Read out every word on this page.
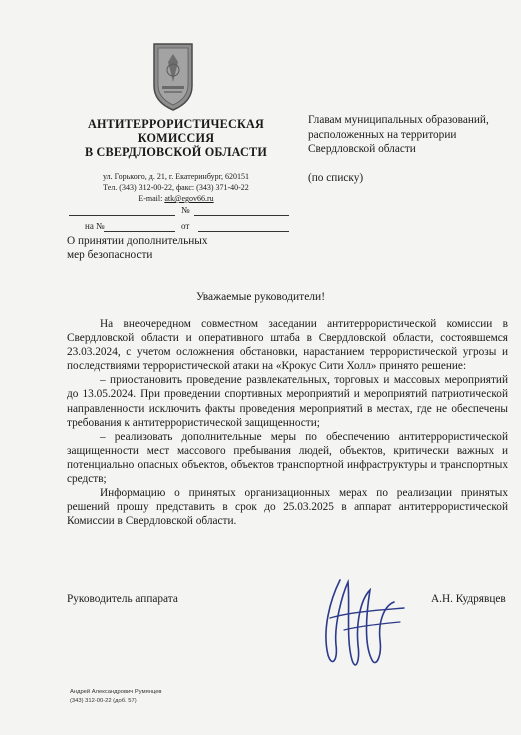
АНТИТЕРРОРИСТИЧЕСКАЯ
КОМИССИЯ
В СВЕРДЛОВСКОЙ ОБЛАСТИ
ул. Горького, д. 21, г. Екатеринбург, 620151
Тел. (343) 312-00-22, факс: (343) 371-40-22
E-mail: atk@egov66.ru
№
на №	от
О принятии дополнительных
мер безопасности
Главам муниципальных образований, расположенных на территории Свердловской области
(по списку)
Уважаемые руководители!

На внеочередном совместном заседании антитеррористической комиссии в Свердловской области и оперативного штаба в Свердловской области, состоявшемся 23.03.2024, с учетом осложнения обстановки, нарастанием террористической угрозы и последствиями террористической атаки на «Крокус Сити Холл» принято решение:

– приостановить проведение развлекательных, торговых и массовых мероприятий до 13.05.2024. При проведении спортивных мероприятий и мероприятий патриотической направленности исключить факты проведения мероприятий в местах, где не обеспечены требования к антитеррористической защищенности;

– реализовать дополнительные меры по обеспечению антитеррористической защищенности мест массового пребывания людей, объектов, критически важных и потенциально опасных объектов, объектов транспортной инфраструктуры и транспортных средств;

Информацию о принятых организационных мерах по реализации принятых решений прошу представить в срок до 25.03.2025 в аппарат антитеррористической Комиссии в Свердловской области.

Руководитель аппарата	А.Н. Кудрявцев
Андрей Александрович Румянцев
(343) 312-00-22 (доб. 57)
